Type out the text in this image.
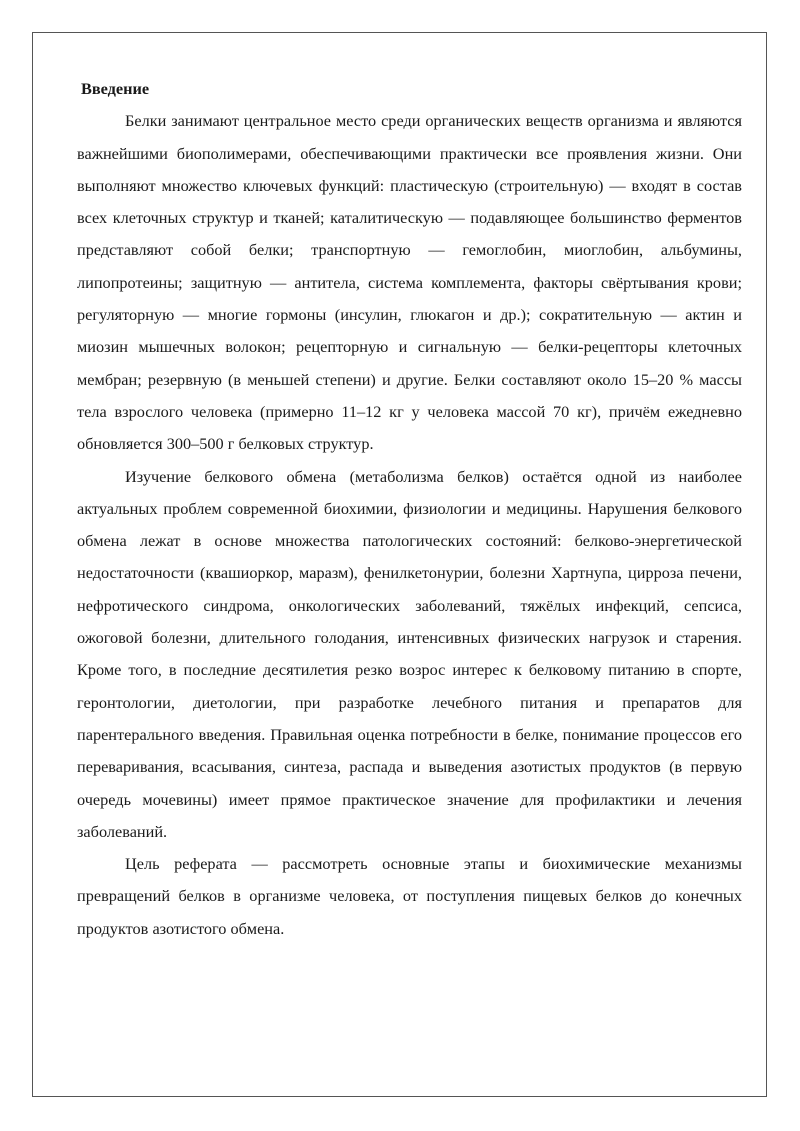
Введение

Белки занимают центральное место среди органических веществ организма и являются важнейшими биополимерами, обеспечивающими практически все проявления жизни. Они выполняют множество ключевых функций: пластическую (строительную) — входят в состав всех клеточных структур и тканей; каталитическую — подавляющее большинство ферментов представляют собой белки; транспортную — гемоглобин, миоглобин, альбумины, липопротеины; защитную — антитела, система комплемента, факторы свёртывания крови; регуляторную — многие гормоны (инсулин, глюкагон и др.); сократительную — актин и миозин мышечных волокон; рецепторную и сигнальную — белки-рецепторы клеточных мембран; резервную (в меньшей степени) и другие. Белки составляют около 15–20 % массы тела взрослого человека (примерно 11–12 кг у человека массой 70 кг), причём ежедневно обновляется 300–500 г белковых структур.

Изучение белкового обмена (метаболизма белков) остаётся одной из наиболее актуальных проблем современной биохимии, физиологии и медицины. Нарушения белкового обмена лежат в основе множества патологических состояний: белково-энергетической недостаточности (квашиоркор, маразм), фенилкетонурии, болезни Хартнупа, цирроза печени, нефротического синдрома, онкологических заболеваний, тяжёлых инфекций, сепсиса, ожоговой болезни, длительного голодания, интенсивных физических нагрузок и старения. Кроме того, в последние десятилетия резко возрос интерес к белковому питанию в спорте, геронтологии, диетологии, при разработке лечебного питания и препаратов для парентерального введения. Правильная оценка потребности в белке, понимание процессов его переваривания, всасывания, синтеза, распада и выведения азотистых продуктов (в первую очередь мочевины) имеет прямое практическое значение для профилактики и лечения заболеваний.

Цель реферата — рассмотреть основные этапы и биохимические механизмы превращений белков в организме человека, от поступления пищевых белков до конечных продуктов азотистого обмена.
